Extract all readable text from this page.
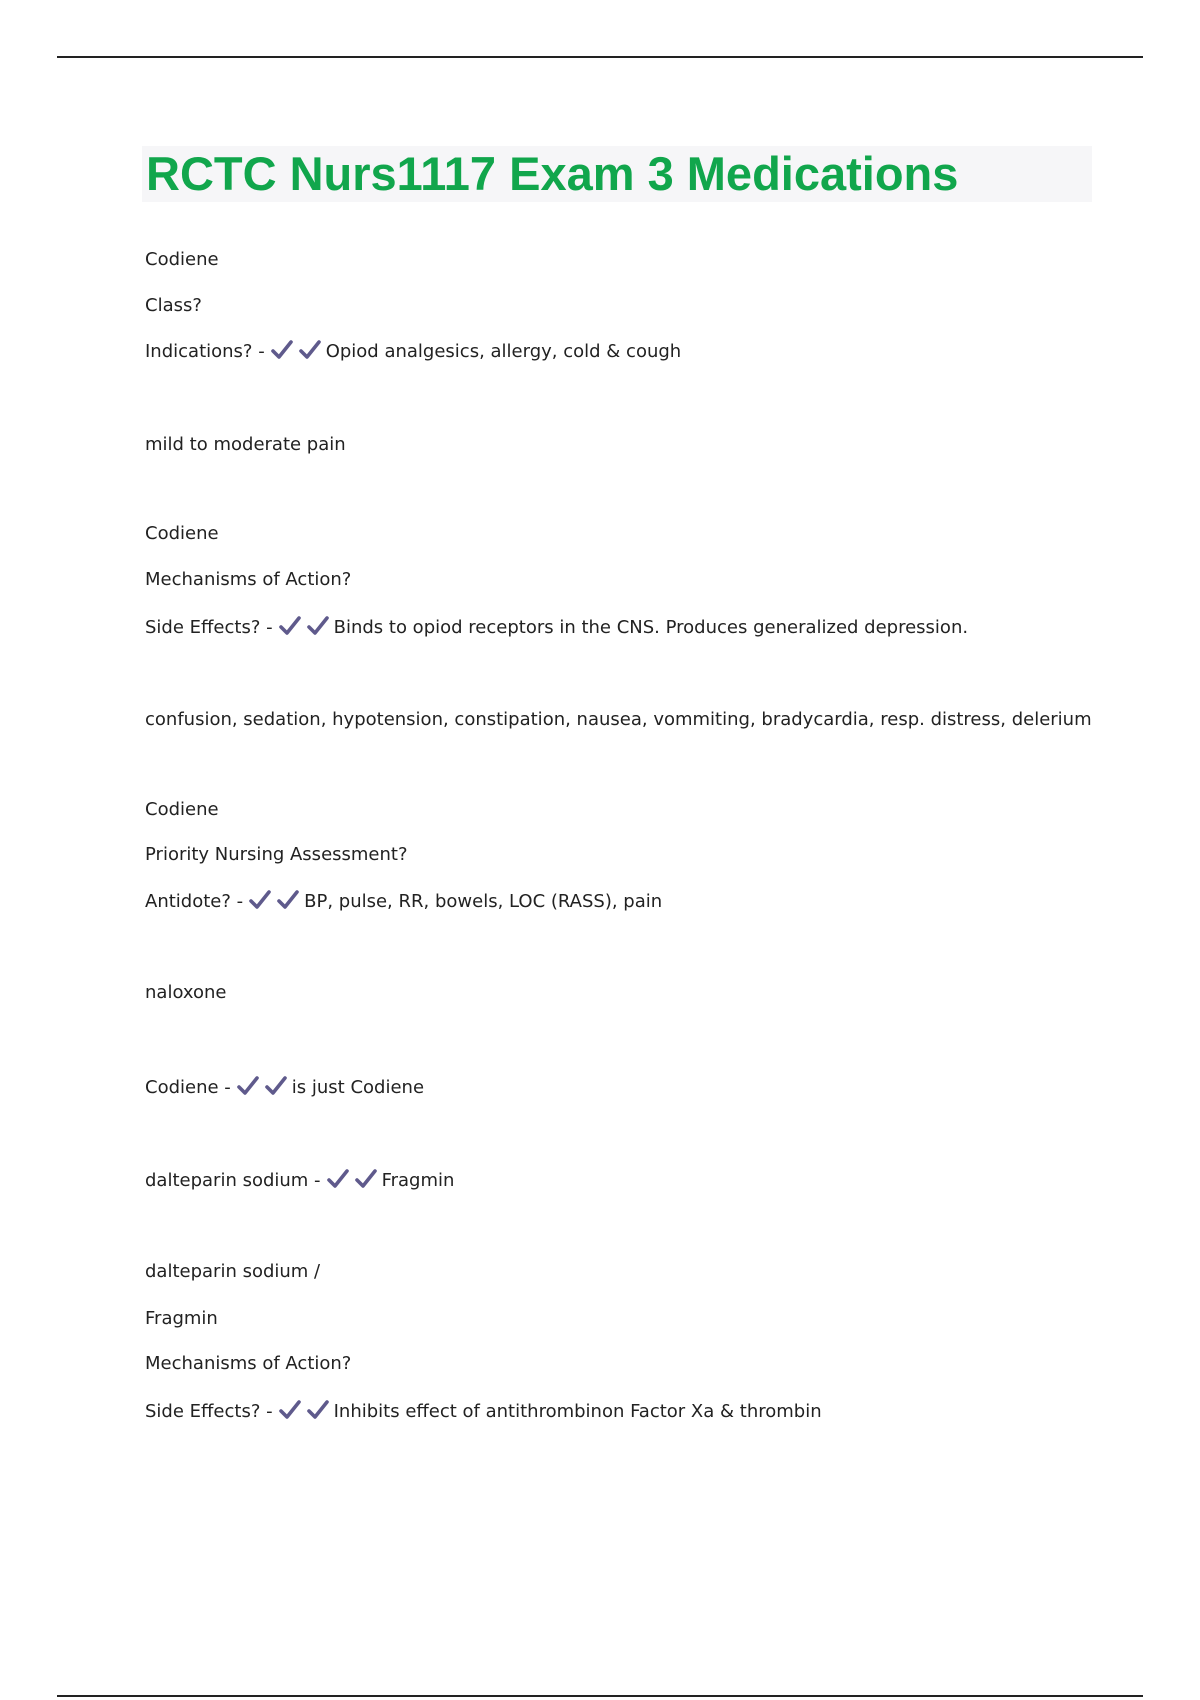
RCTC Nurs1117 Exam 3 Medications
Codiene
Class?
Indications? -	Opiod analgesics, allergy, cold & cough
mild to moderate pain
Codiene
Mechanisms of Action?
Side Effects? -	Binds to opiod receptors in the CNS. Produces generalized depression.
confusion, sedation, hypotension, constipation, nausea, vommiting, bradycardia, resp. distress, delerium
Codiene
Priority Nursing Assessment?
Antidote? -	BP, pulse, RR, bowels, LOC (RASS), pain
naloxone
Codiene -	is just Codiene
dalteparin sodium -	Fragmin
dalteparin sodium /
Fragmin
Mechanisms of Action?
Side Effects? -	Inhibits effect of antithrombinon Factor Xa & thrombin
